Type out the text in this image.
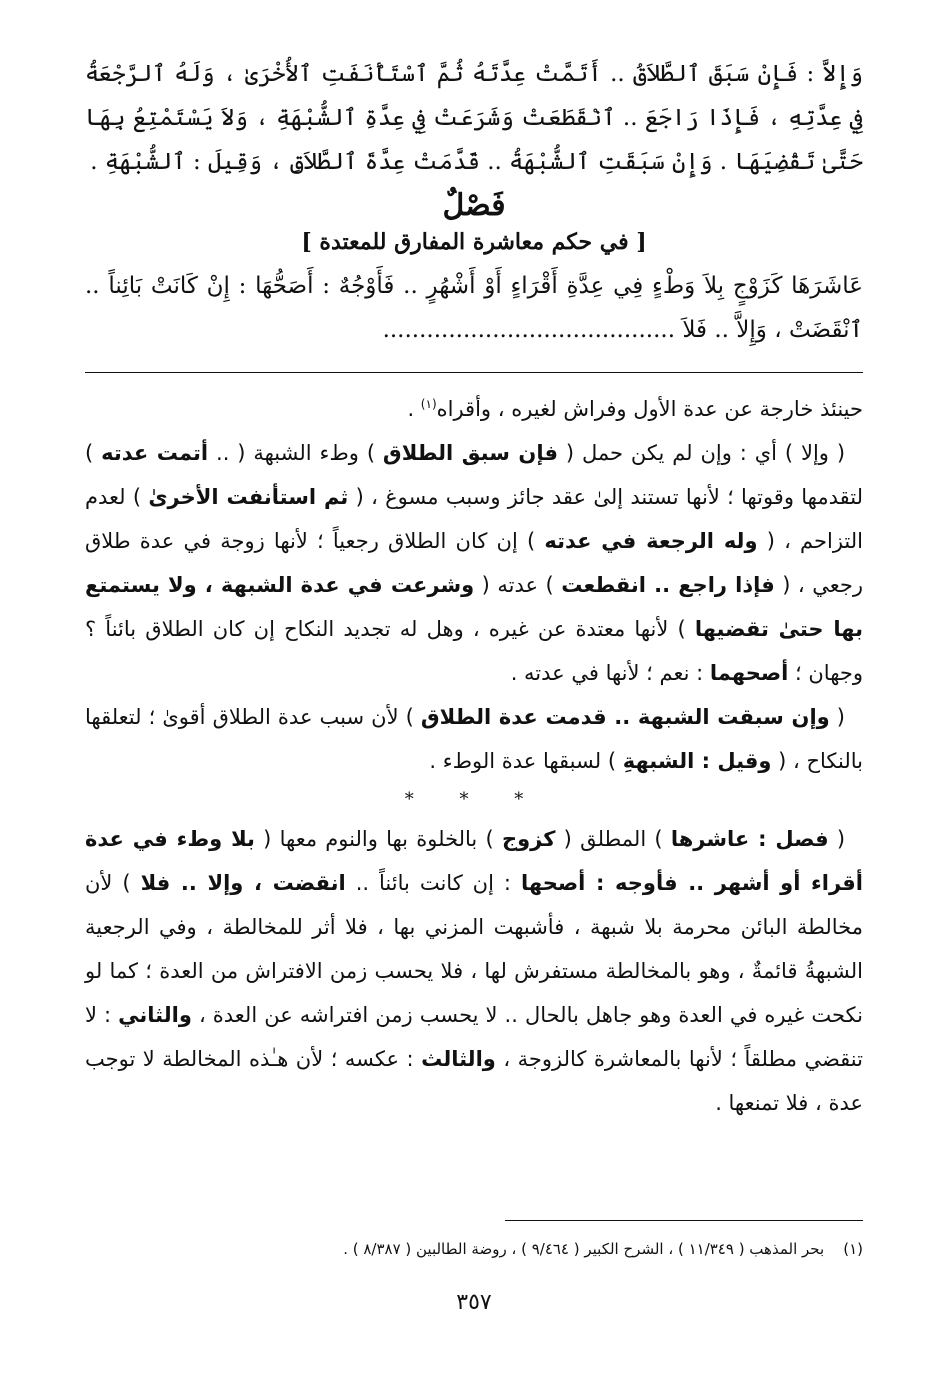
وَإِلاَّ : فَإِنْ سَبَقَ ٱلطَّلاَقُ .. أَتَمَّتْ عِدَّتَهُ ثُمَّ ٱسْتَأْنَفَتِ ٱلأُخْرَىٰ ، وَلَهُ ٱلرَّجْعَةُ فِي عِدَّتِهِ ، فَإِذَا رَاجَعَ .. ٱنْقَطَعَتْ وَشَرَعَتْ فِي عِدَّةِ ٱلشُّبْهَةِ ، وَلاَ يَسْتَمْتِعُ بِهَا حَتَّىٰ تَقْضِيَهَا . وَإِنْ سَبَقَتِ ٱلشُّبْهَةُ .. قَدَّمَتْ عِدَّةَ ٱلطَّلاَقِ ، وَقِيلَ : ٱلشُّبْهَةِ .
فَصْلٌ
[ في حكم معاشرة المفارق للمعتدة ]
عَاشَرَهَا كَزَوْجٍ بِلاَ وَطْءٍ فِي عِدَّةِ أَقْرَاءٍ أَوْ أَشْهُرٍ .. فَأَوْجُهٌ : أَصَحُّهَا : إِنْ كَانَتْ بَائِناً .. ٱنْقَضَتْ ، وَإِلاَّ .. فَلاَ ........................................

حينئذ خارجة عن عدة الأول وفراش لغيره ، وأقراه$^{(١)}$ .

( وإلا ) أي : وإن لم يكن حمل ( فإن سبق الطلاق ) وطء الشبهة ( .. أتمت عدته ) لتقدمها وقوتها ؛ لأنها تستند إلىٰ عقد جائز وسبب مسوغ ، ( ثم استأنفت الأخرىٰ ) لعدم التزاحم ، ( وله الرجعة في عدته ) إن كان الطلاق رجعياً ؛ لأنها زوجة في عدة طلاق رجعي ، ( فإذا راجع .. انقطعت ) عدته ( وشرعت في عدة الشبهة ، ولا يستمتع بها حتىٰ تقضيها ) لأنها معتدة عن غيره ، وهل له تجديد النكاح إن كان الطلاق بائناً ؟ وجهان ؛ أصحهما : نعم ؛ لأنها في عدته .

( وإن سبقت الشبهة .. قدمت عدة الطلاق ) لأن سبب عدة الطلاق أقوىٰ ؛ لتعلقها بالنكاح ، ( وقيل : الشبهةِ ) لسبقها عدة الوطء .

* * *

( فصل : عاشرها ) المطلق ( كزوج ) بالخلوة بها والنوم معها ( بلا وطء في عدة أقراء أو أشهر .. فأوجه : أصحها : إن كانت بائناً .. انقضت ، وإلا .. فلا ) لأن مخالطة البائن محرمة بلا شبهة ، فأشبهت المزني بها ، فلا أثر للمخالطة ، وفي الرجعية الشبهةُ قائمةٌ ، وهو بالمخالطة مستفرش لها ، فلا يحسب زمن الافتراش من العدة ؛ كما لو نكحت غيره في العدة وهو جاهل بالحال .. لا يحسب زمن افتراشه عن العدة ، والثاني : لا تنقضي مطلقاً ؛ لأنها بالمعاشرة كالزوجة ، والثالث : عكسه ؛ لأن هـٰذه المخالطة لا توجب عدة ، فلا تمنعها .

(١)    بحر المذهب ( ١١/٣٤٩ ) ، الشرح الكبير ( ٩/٤٦٤ ) ، روضة الطالبين ( ٨/٣٨٧ ) .
٣٥٧
